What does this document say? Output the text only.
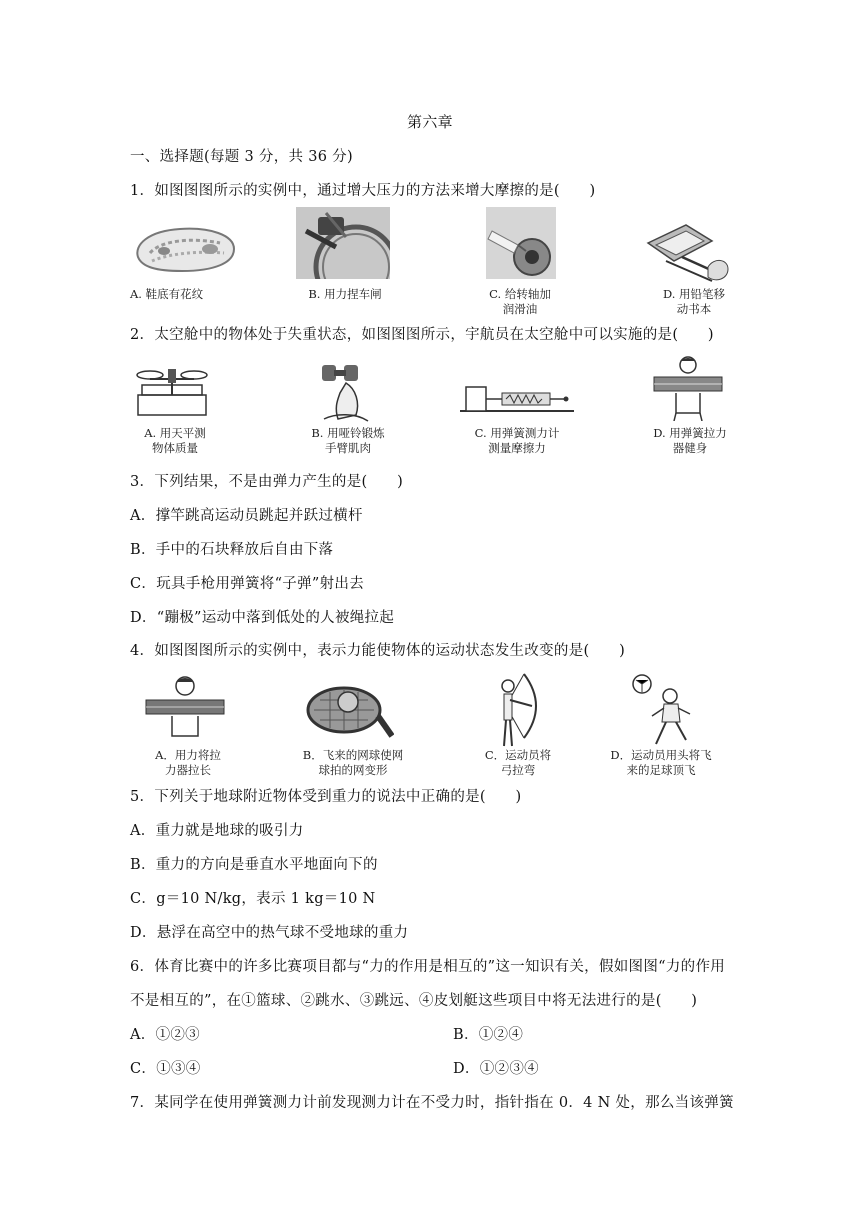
第六章
一、选择题(每题 3 分，共 36 分)
1．如图图图所示的实例中，通过增大压力的方法来增大摩擦的是(　　)
A. 鞋底有花纹	B. 用力捏车闸	C. 给转轴加
润滑油
D. 用铅笔移
动书本
2．太空舱中的物体处于失重状态，如图图图所示，宇航员在太空舱中可以实施的是(　　)
A. 用天平测
物体质量
B. 用哑铃锻炼
手臂肌肉
C. 用弹簧测力计
测量摩擦力
D. 用弹簧拉力
器健身
3．下列结果，不是由弹力产生的是(　　)
A．撑竿跳高运动员跳起并跃过横杆
B．手中的石块释放后自由下落
C．玩具手枪用弹簧将“子弹”射出去
D．“蹦极”运动中落到低处的人被绳拉起
4．如图图图所示的实例中，表示力能使物体的运动状态发生改变的是(　　)
A．用力将拉
力器拉长
B．飞来的网球使网
球拍的网变形
C．运动员将
弓拉弯
D．运动员用头将飞
来的足球顶飞
5．下列关于地球附近物体受到重力的说法中正确的是(　　)
A．重力就是地球的吸引力
B．重力的方向是垂直水平地面向下的
C．g＝10 N/kg，表示 1 kg＝10 N
D．悬浮在高空中的热气球不受地球的重力
6．体育比赛中的许多比赛项目都与“力的作用是相互的”这一知识有关，假如图图“力的作用
不是相互的”，在①篮球、②跳水、③跳远、④皮划艇这些项目中将无法进行的是(　　)
A．①②③	B．①②④
C．①③④	D．①②③④
7．某同学在使用弹簧测力计前发现测力计在不受力时，指针指在 0．4 N 处，那么当该弹簧
